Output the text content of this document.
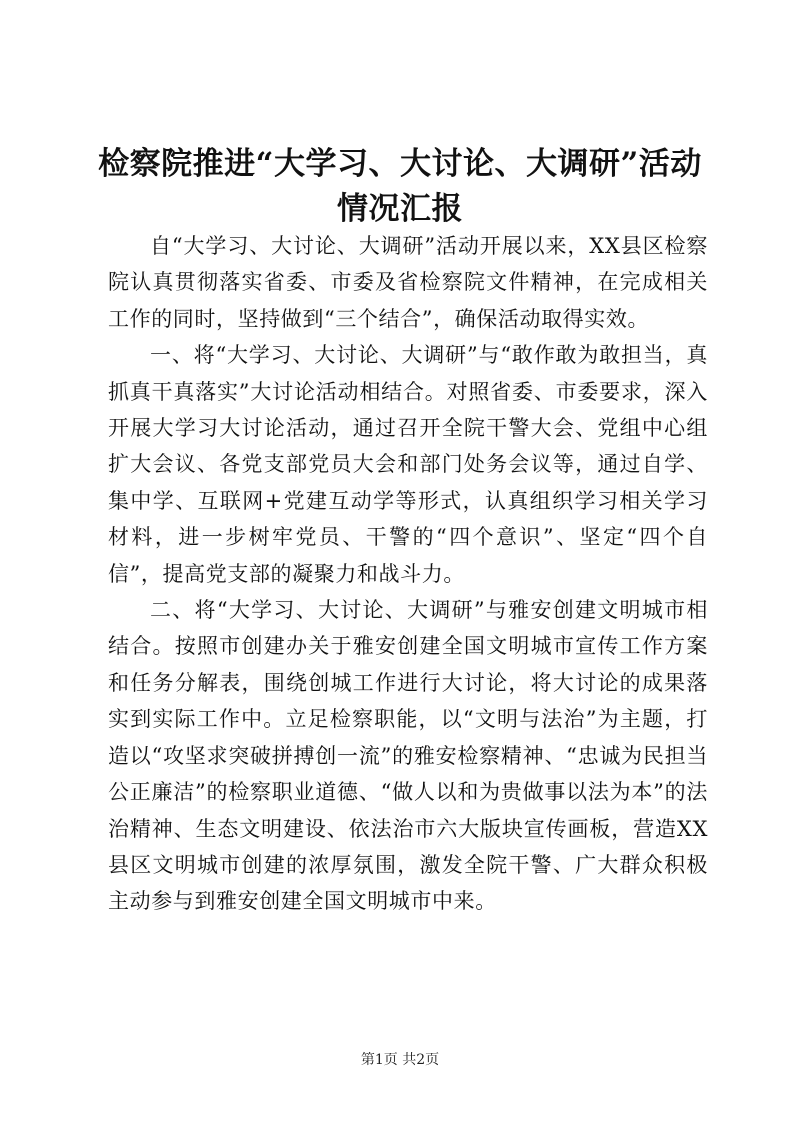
检察院推进“大学习、大讨论、大调研”活动
情况汇报

自“大学习、大讨论、大调研”活动开展以来，XX县区检察院认真贯彻落实省委、市委及省检察院文件精神，在完成相关工作的同时，坚持做到“三个结合”，确保活动取得实效。

一、将“大学习、大讨论、大调研”与“敢作敢为敢担当，真抓真干真落实”大讨论活动相结合。对照省委、市委要求，深入开展大学习大讨论活动，通过召开全院干警大会、党组中心组扩大会议、各党支部党员大会和部门处务会议等，通过自学、集中学、互联网+党建互动学等形式，认真组织学习相关学习材料，进一步树牢党员、干警的“四个意识”、坚定“四个自信”，提高党支部的凝聚力和战斗力。

二、将“大学习、大讨论、大调研”与雅安创建文明城市相结合。按照市创建办关于雅安创建全国文明城市宣传工作方案和任务分解表，围绕创城工作进行大讨论，将大讨论的成果落实到实际工作中。立足检察职能，以“文明与法治”为主题，打造以“攻坚求突破拼搏创一流”的雅安检察精神、“忠诚为民担当公正廉洁”的检察职业道德、“做人以和为贵做事以法为本”的法治精神、生态文明建设、依法治市六大版块宣传画板，营造XX县区文明城市创建的浓厚氛围，激发全院干警、广大群众积极主动参与到雅安创建全国文明城市中来。

第1页 共2页
